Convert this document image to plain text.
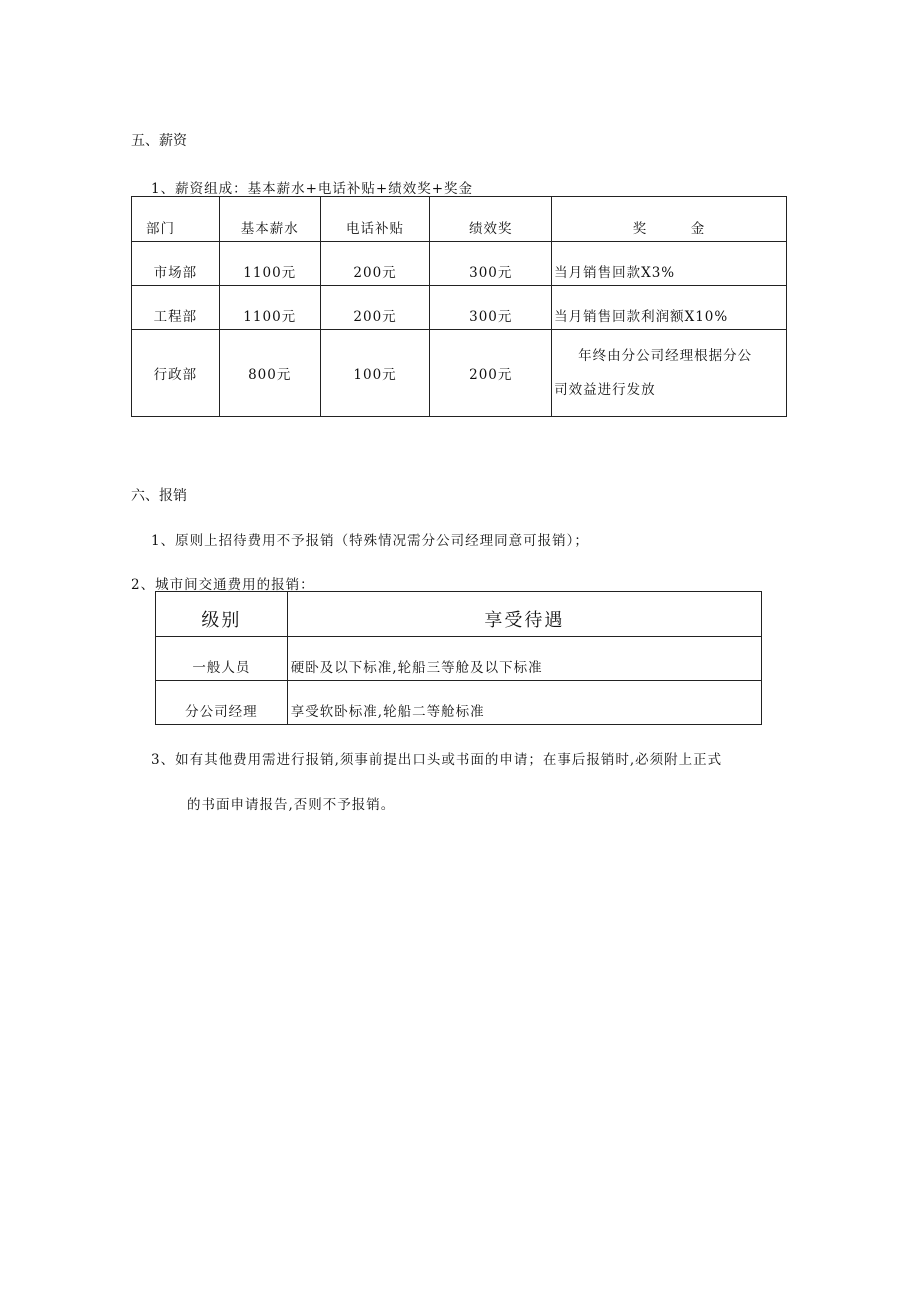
五、薪资
1、薪资组成：基本薪水+电话补贴+绩效奖+奖金
部门	基本薪水	电话补贴	绩效奖	奖　　　金
市场部	1100元	200元	300元	当月销售回款X3%
工程部	1100元	200元	300元	当月销售回款利润额X10%
行政部	800元	100元	200元	年终由分公司经理根据分公
司效益进行发放
六、报销
1、原则上招待费用不予报销（特殊情况需分公司经理同意可报销）；
2、城市间交通费用的报销：
级别	享受待遇
一般人员	硬卧及以下标准,轮船三等舱及以下标准
分公司经理	享受软卧标准,轮船二等舱标准
3、如有其他费用需进行报销,须事前提出口头或书面的申请；在事后报销时,必须附上正式
的书面申请报告,否则不予报销。
